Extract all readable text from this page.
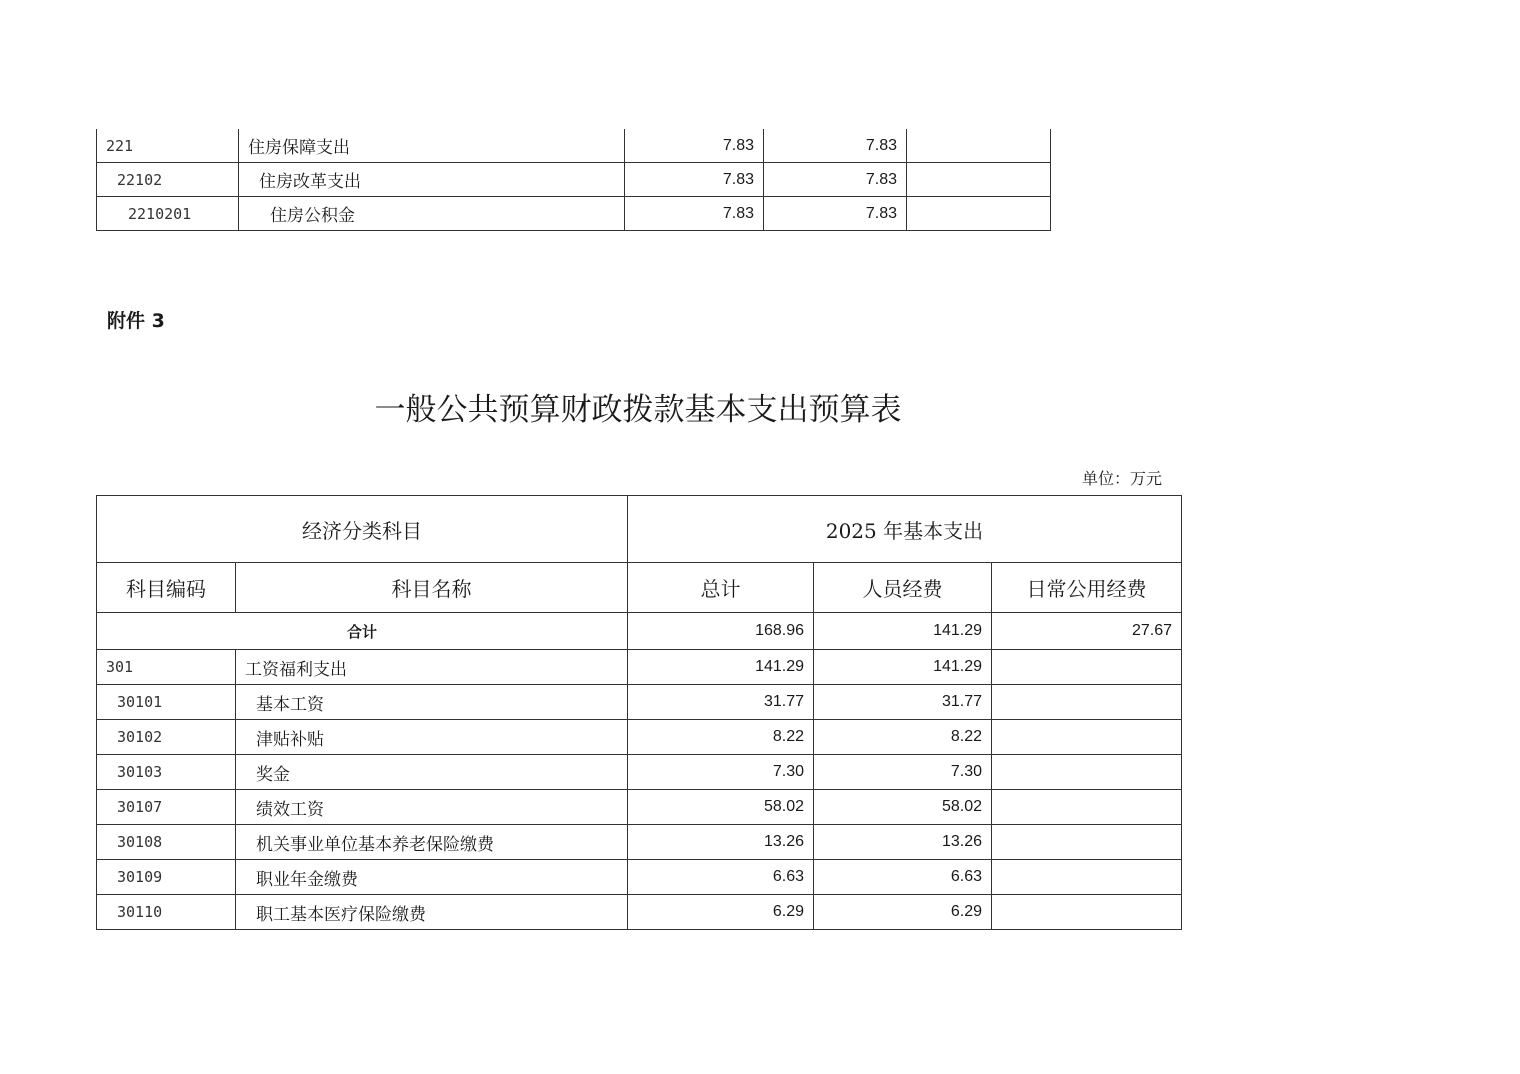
221	住房保障支出	7.83	7.83	
22102	住房改革支出	7.83	7.83	
2210201	住房公积金	7.83	7.83	
附件 3
一般公共预算财政拨款基本支出预算表
单位：万元
经济分类科目		2025 年基本支出		
科目编码	科目名称	总计	人员经费	日常公用经费
合计		168.96	141.29	27.67
301	工资福利支出	141.29	141.29	
30101	基本工资	31.77	31.77	
30102	津贴补贴	8.22	8.22	
30103	奖金	7.30	7.30	
30107	绩效工资	58.02	58.02	
30108	机关事业单位基本养老保险缴费	13.26	13.26	
30109	职业年金缴费	6.63	6.63	
30110	职工基本医疗保险缴费	6.29	6.29	
